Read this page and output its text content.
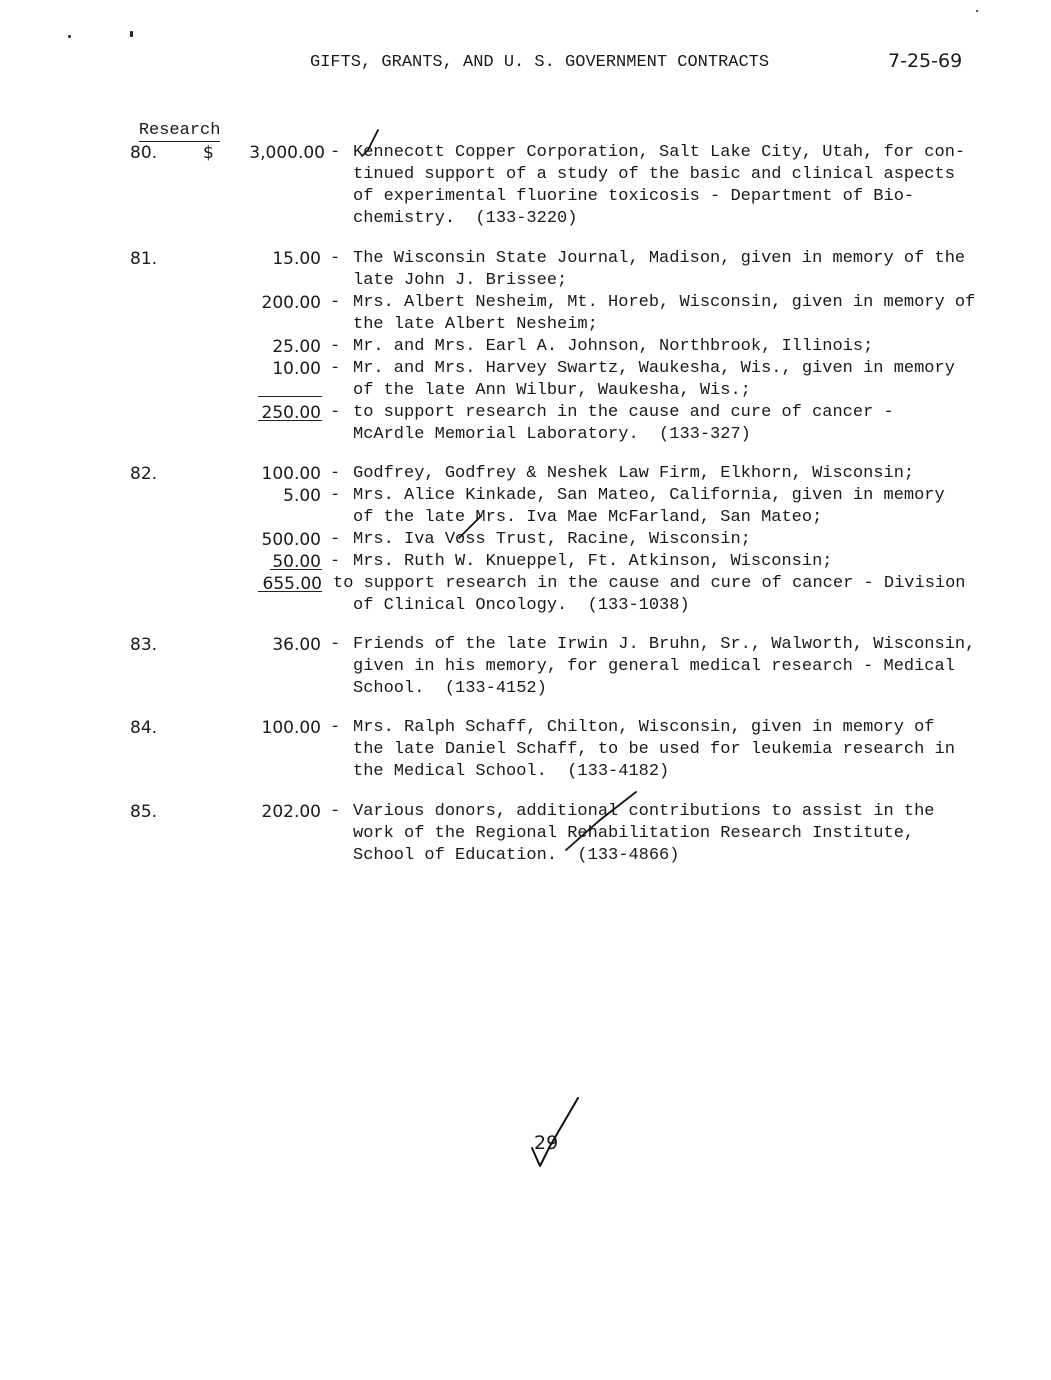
GIFTS, GRANTS, AND U. S. GOVERNMENT CONTRACTS	7-25-69

Research

80.	$	3,000.00 - Kennecott Copper Corporation, Salt Lake City, Utah, for con-
tinued support of a study of the basic and clinical aspects
of experimental fluorine toxicosis - Department of Bio-
chemistry.  (133-3220)
81.	15.00 - The Wisconsin State Journal, Madison, given in memory of the
late John J. Brissee;
200.00 - Mrs. Albert Nesheim, Mt. Horeb, Wisconsin, given in memory of
the late Albert Nesheim;
25.00 - Mr. and Mrs. Earl A. Johnson, Northbrook, Illinois;
10.00 - Mr. and Mrs. Harvey Swartz, Waukesha, Wis., given in memory
of the late Ann Wilbur, Waukesha, Wis.;
250.00 - to support research in the cause and cure of cancer -
McArdle Memorial Laboratory.  (133-327)
82.	100.00 - Godfrey, Godfrey & Neshek Law Firm, Elkhorn, Wisconsin;
5.00 - Mrs. Alice Kinkade, San Mateo, California, given in memory
of the late Mrs. Iva Mae McFarland, San Mateo;
500.00 - Mrs. Iva Voss Trust, Racine, Wisconsin;
50.00 - Mrs. Ruth W. Knueppel, Ft. Atkinson, Wisconsin;
655.00 to support research in the cause and cure of cancer - Division
of Clinical Oncology.  (133-1038)
83.	36.00 - Friends of the late Irwin J. Bruhn, Sr., Walworth, Wisconsin,
given in his memory, for general medical research - Medical
School.  (133-4152)
84.	100.00 - Mrs. Ralph Schaff, Chilton, Wisconsin, given in memory of
the late Daniel Schaff, to be used for leukemia research in
the Medical School.  (133-4182)
85.	202.00 - Various donors, additional contributions to assist in the
work of the Regional Rehabilitation Research Institute,
School of Education.  (133-4866)
29
